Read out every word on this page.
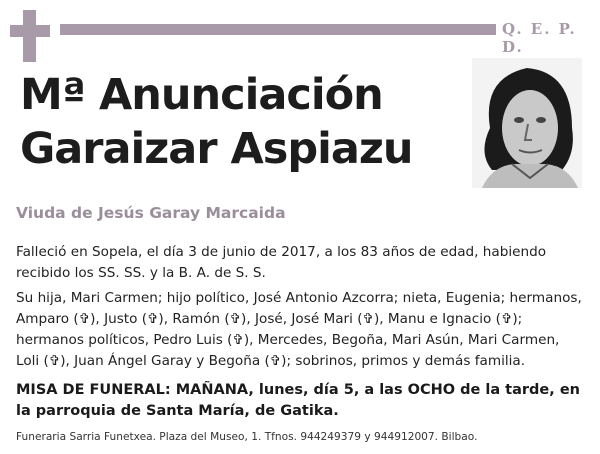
Q. E. P. D.
Mª Anunciación
Garaizar Aspiazu
Viuda de Jesús Garay Marcaida

Falleció en Sopela, el día 3 de junio de 2017, a los 83 años de edad, habiendo recibido los SS. SS. y la B. A. de S. S.

Su hija, Mari Carmen; hijo político, José Antonio Azcorra; nieta, Eugenia; hermanos, Amparo (✞), Justo (✞), Ramón (✞), José, José Mari (✞), Manu e Ignacio (✞); hermanos políticos, Pedro Luis (✞), Mercedes, Begoña, Mari Asún, Mari Carmen, Loli (✞), Juan Ángel Garay y Begoña (✞); sobrinos, primos y demás familia.

MISA DE FUNERAL: MAÑANA, lunes, día 5, a las OCHO de la tarde, en la parroquia de Santa María, de Gatika.
Funeraria Sarria Funetxea. Plaza del Museo, 1. Tfnos. 944249379 y 944912007. Bilbao.
